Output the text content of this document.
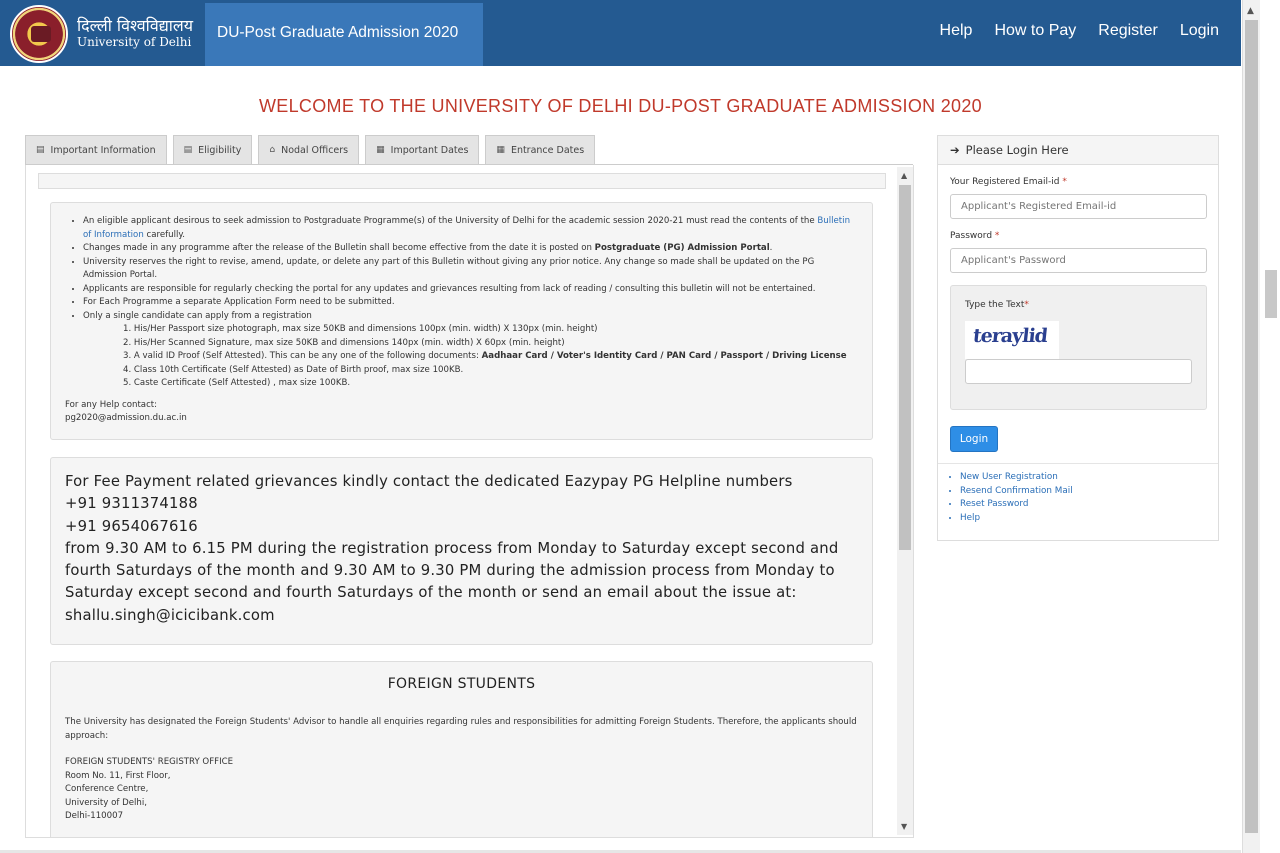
दिल्ली विश्वविद्यालय
University of Delhi
DU-Post Graduate Admission 2020	Help How to Pay Register Login
▲
WELCOME TO THE UNIVERSITY OF DELHI DU-POST GRADUATE ADMISSION 2020
▤ Important Information	▤ Eligibility	⌂ Nodal Officers	▦ Important Dates	▦ Entrance Dates
• An eligible applicant desirous to seek admission to Postgraduate Programme(s) of the University of Delhi for the academic session 2020-21 must read the contents of the Bulletin of Information carefully.
• Changes made in any programme after the release of the Bulletin shall become effective from the date it is posted on Postgraduate (PG) Admission Portal.
• University reserves the right to revise, amend, update, or delete any part of this Bulletin without giving any prior notice. Any change so made shall be updated on the PG Admission Portal.
• Applicants are responsible for regularly checking the portal for any updates and grievances resulting from lack of reading / consulting this bulletin will not be entertained.
• For Each Programme a separate Application Form need to be submitted.
• Only a single candidate can apply from a registration
1. His/Her Passport size photograph, max size 50KB and dimensions 100px (min. width) X 130px (min. height)
2. His/Her Scanned Signature, max size 50KB and dimensions 140px (min. width) X 60px (min. height)
3. A valid ID Proof (Self Attested). This can be any one of the following documents: Aadhaar Card / Voter's Identity Card / PAN Card / Passport / Driving License
4. Class 10th Certificate (Self Attested) as Date of Birth proof, max size 100KB.
5. Caste Certificate (Self Attested) , max size 100KB.
For any Help contact:
pg2020@admission.du.ac.in
For Fee Payment related grievances kindly contact the dedicated Eazypay PG Helpline numbers
+91 9311374188
+91 9654067616
from 9.30 AM to 6.15 PM during the registration process from Monday to Saturday except second and fourth Saturdays of the month and 9.30 AM to 9.30 PM during the admission process from Monday to Saturday except second and fourth Saturdays of the month or send an email about the issue at:
shallu.singh@icicibank.com
FOREIGN STUDENTS
The University has designated the Foreign Students' Advisor to handle all enquiries regarding rules and responsibilities for admitting Foreign Students. Therefore, the applicants should approach:
FOREIGN STUDENTS' REGISTRY OFFICE
Room No. 11, First Floor,
Conference Centre,
University of Delhi,
Delhi-110007
▲
▼
➔ Please Login Here
Your Registered Email-id *
Applicant's Registered Email-id
Password *
Type the Text*
teraylid
Login
• New User Registration
• Resend Confirmation Mail
• Reset Password
• Help
